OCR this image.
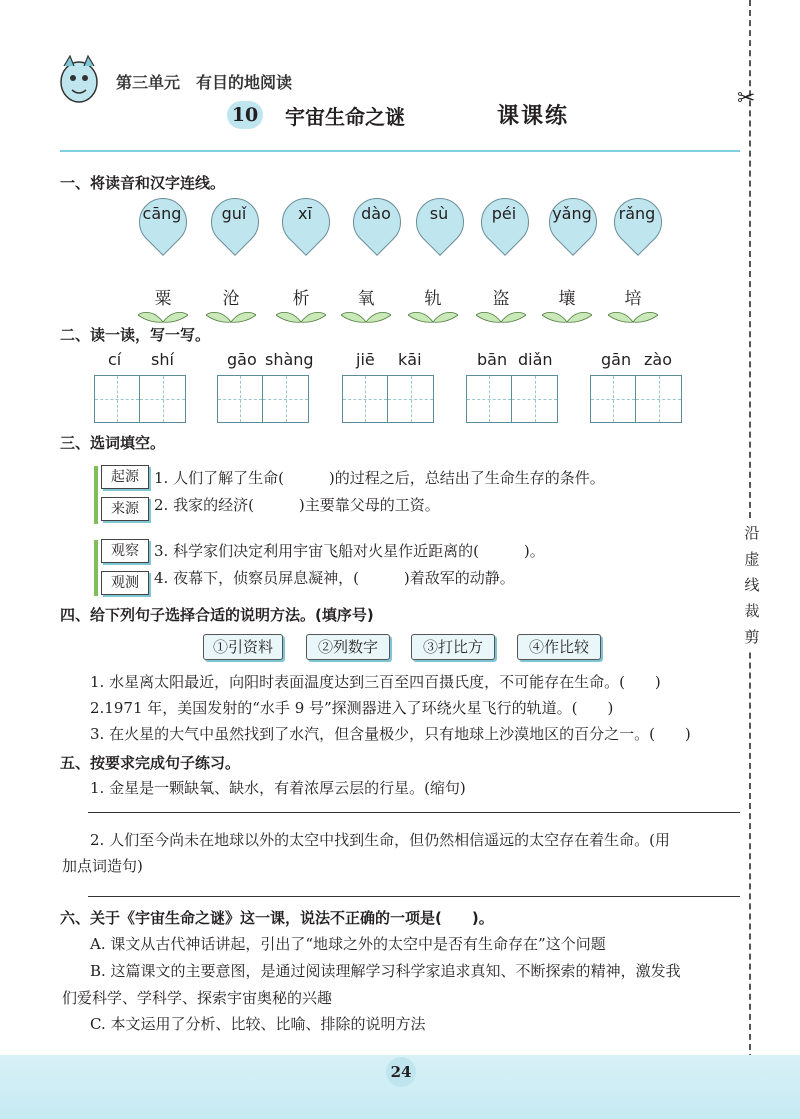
第三单元　有目的地阅读
10 宇宙生命之谜	课课练
✂
沿虚线裁剪
一、将读音和汉字连线。
cāng	guǐ	xī	dào	sù	péi	yǎng	rǎng
粟	沧	析	氧	轨	盗	壤	培
二、读一读，写一写。
cí shí	gāo shàng	jiē kāi	bān diǎn	gān zào
三、选词填空。
起源
来源
观察
观测
1. 人们了解了生命(　　　)的过程之后，总结出了生命生存的条件。
2. 我家的经济(　　　)主要靠父母的工资。
3. 科学家们决定利用宇宙飞船对火星作近距离的(　　　)。
4. 夜幕下，侦察员屏息凝神，(　　　)着敌军的动静。
四、给下列句子选择合适的说明方法。(填序号)
①引资料	②列数字	③打比方	④作比较
1. 水星离太阳最近，向阳时表面温度达到三百至四百摄氏度，不可能存在生命。(　　)
2.1971 年，美国发射的“水手 9 号”探测器进入了环绕火星飞行的轨道。(　　)
3. 在火星的大气中虽然找到了水汽，但含量极少，只有地球上沙漠地区的百分之一。(　　)
五、按要求完成句子练习。
1. 金星是一颗缺氧、缺水，有着浓厚云层的行星。(缩句)
2. 人们至今尚未在地球以外的太空中找到生命，但仍然相信遥远的太空存在着生命。(用
加点词造句)
六、关于《宇宙生命之谜》这一课，说法不正确的一项是(　　)。
A. 课文从古代神话讲起，引出了“地球之外的太空中是否有生命存在”这个问题
B. 这篇课文的主要意图，是通过阅读理解学习科学家追求真知、不断探索的精神，激发我
们爱科学、学科学、探索宇宙奥秘的兴趣
C. 本文运用了分析、比较、比喻、排除的说明方法
24
